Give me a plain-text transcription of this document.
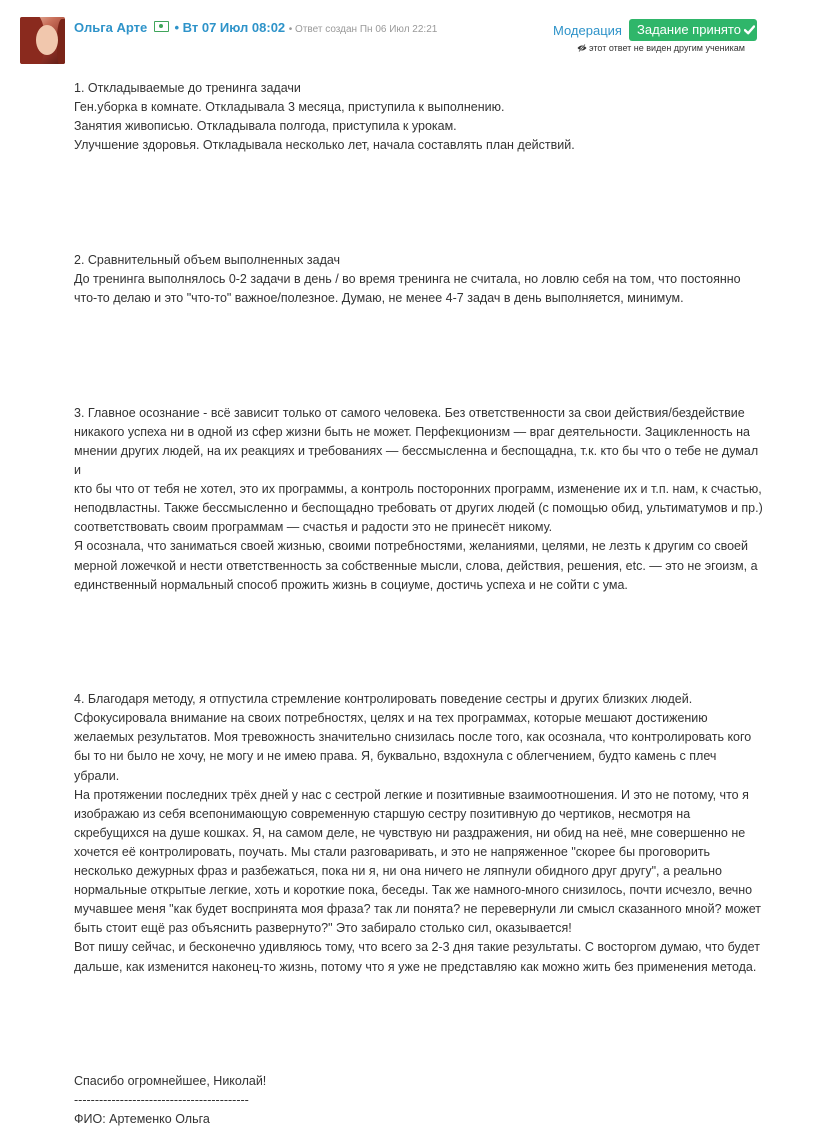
Ольга Арте • Вт 07 Июл 08:02 • Ответ создан Пн 06 Июл 22:21	Модерация	Задание принято
этот ответ не виден другим ученикам

1. Откладываемые до тренинга задачи
Ген.уборка в комнате. Откладывала 3 месяца, приступила к выполнению.
Занятия живописью. Откладывала полгода, приступила к урокам.
Улучшение здоровья. Откладывала несколько лет, начала составлять план действий.

2. Сравнительный объем выполненных задач
До тренинга выполнялось 0-2 задачи в день / во время тренинга не считала, но ловлю себя на том, что постоянно
что-то делаю и это "что-то" важное/полезное. Думаю, не менее 4-7 задач в день выполняется, минимум.

3. Главное осознание - всё зависит только от самого человека. Без ответственности за свои действия/бездействие
никакого успеха ни в одной из сфер жизни быть не может. Перфекционизм — враг деятельности. Зацикленность на
мнении других людей, на их реакциях и требованиях — бессмысленна и беспощадна, т.к. кто бы что о тебе не думал и
кто бы что от тебя не хотел, это их программы, а контроль посторонних программ, изменение их и т.п. нам, к счастью,
неподвластны. Также бессмысленно и беспощадно требовать от других людей (с помощью обид, ультиматумов и пр.)
соответствовать своим программам — счастья и радости это не принесёт никому.
Я осознала, что заниматься своей жизнью, своими потребностями, желаниями, целями, не лезть к другим со своей
мерной ложечкой и нести ответственность за собственные мысли, слова, действия, решения, etc. — это не эгоизм, а
единственный нормальный способ прожить жизнь в социуме, достичь успеха и не сойти с ума.

4. Благодаря методу, я отпустила стремление контролировать поведение сестры и других близких людей.
Сфокусировала внимание на своих потребностях, целях и на тех программах, которые мешают достижению
желаемых результатов. Моя тревожность значительно снизилась после того, как осознала, что контролировать кого
бы то ни было не хочу, не могу и не имею права. Я, буквально, вздохнула с облегчением, будто камень с плеч убрали.
На протяжении последних трёх дней у нас с сестрой легкие и позитивные взаимоотношения. И это не потому, что я
изображаю из себя всепонимающую современную старшую сестру позитивную до чертиков, несмотря на
скребущихся на душе кошках. Я, на самом деле, не чувствую ни раздражения, ни обид на неё, мне совершенно не
хочется её контролировать, поучать. Мы стали разговаривать, и это не напряженное "скорее бы проговорить
несколько дежурных фраз и разбежаться, пока ни я, ни она ничего не ляпнули обидного друг другу", а реально
нормальные открытые легкие, хоть и короткие пока, беседы. Так же намного-много снизилось, почти исчезло, вечно
мучавшее меня "как будет воспринята моя фраза? так ли понята? не перевернули ли смысл сказанного мной? может
быть стоит ещё раз объяснить развернуто?" Это забирало столько сил, оказывается!
Вот пишу сейчас, и бесконечно удивляюсь тому, что всего за 2-3 дня такие результаты. С восторгом думаю, что будет
дальше, как изменится наконец-то жизнь, потому что я уже не представляю как можно жить без применения метода.

Спасибо огромнейшее, Николай!
------------------------------------------
ФИО: Артеменко Ольга
